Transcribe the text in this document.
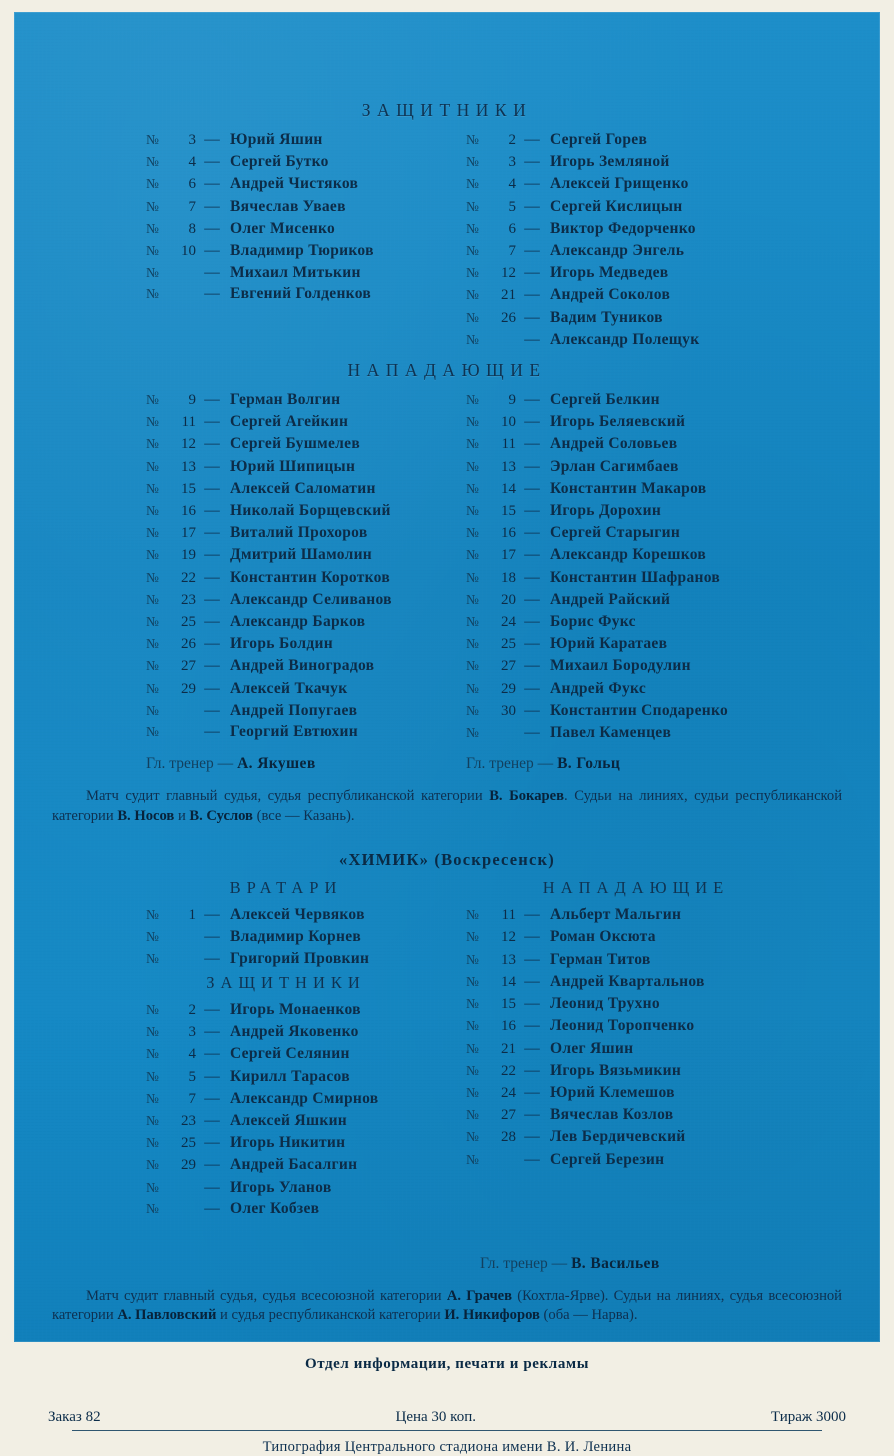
ЗАЩИТНИКИ
№	3 — Юрий Яшин
№	4 — Сергей Бутко
№	6 — Андрей Чистяков
№	7 — Вячеслав Уваев
№	8 — Олег Мисенко
№	10 — Владимир Тюриков
№	— Михаил Митькин
№	— Евгений Голденков
№	2 — Сергей Горев
№	3 — Игорь Земляной
№	4 — Алексей Грищенко
№	5 — Сергей Кислицын
№	6 — Виктор Федорченко
№	7 — Александр Энгель
№	12 — Игорь Медведев
№	21 — Андрей Соколов
№	26 — Вадим Туников
№	— Александр Полещук
НАПАДАЮЩИЕ
№	9 — Герман Волгин
№	11 — Сергей Агейкин
№	12 — Сергей Бушмелев
№	13 — Юрий Шипицын
№	15 — Алексей Саломатин
№	16 — Николай Борщевский
№	17 — Виталий Прохоров
№	19 — Дмитрий Шамолин
№	22 — Константин Коротков
№	23 — Александр Селиванов
№	25 — Александр Барков
№	26 — Игорь Болдин
№	27 — Андрей Виноградов
№	29 — Алексей Ткачук
№	— Андрей Попугаев
№	— Георгий Евтюхин
№	9 — Сергей Белкин
№	10 — Игорь Беляевский
№	11 — Андрей Соловьев
№	13 — Эрлан Сагимбаев
№	14 — Константин Макаров
№	15 — Игорь Дорохин
№	16 — Сергей Старыгин
№	17 — Александр Корешков
№	18 — Константин Шафранов
№	20 — Андрей Райский
№	24 — Борис Фукс
№	25 — Юрий Каратаев
№	27 — Михаил Бородулин
№	29 — Андрей Фукс
№	30 — Константин Сподаренко
№	— Павел Каменцев
Гл. тренер — А. Якушев	Гл. тренер — В. Гольц

Матч судит главный судья, судья республиканской категории В. Бокарев. Судьи на линиях, судьи республиканской категории В. Носов и В. Суслов (все — Казань).

«ХИМИК» (Воскресенск)
ВРАТАРИ
№	1 — Алексей Червяков
№	— Владимир Корнев
№	— Григорий Провкин
ЗАЩИТНИКИ
№	2 — Игорь Монаенков
№	3 — Андрей Яковенко
№	4 — Сергей Селянин
№	5 — Кирилл Тарасов
№	7 — Александр Смирнов
№	23 — Алексей Яшкин
№	25 — Игорь Никитин
№	29 — Андрей Басалгин
№	— Игорь Уланов
№	— Олег Кобзев
НАПАДАЮЩИЕ
№	11 — Альберт Мальгин
№	12 — Роман Оксюта
№	13 — Герман Титов
№	14 — Андрей Квартальнов
№	15 — Леонид Трухно
№	16 — Леонид Торопченко
№	21 — Олег Яшин
№	22 — Игорь Вязьмикин
№	24 — Юрий Клемешов
№	27 — Вячеслав Козлов
№	28 — Лев Бердичевский
№	— Сергей Березин
Гл. тренер — В. Васильев

Матч судит главный судья, судья всесоюзной категории А. Грачев (Кохтла-Ярве). Судьи на линиях, судья всесоюзной категории А. Павловский и судья республиканской категории И. Никифоров (оба — Нарва).

Отдел информации, печати и рекламы
Заказ 82	Цена 30 коп.	Тираж 3000
Типография Центрального стадиона имени В. И. Ленина
